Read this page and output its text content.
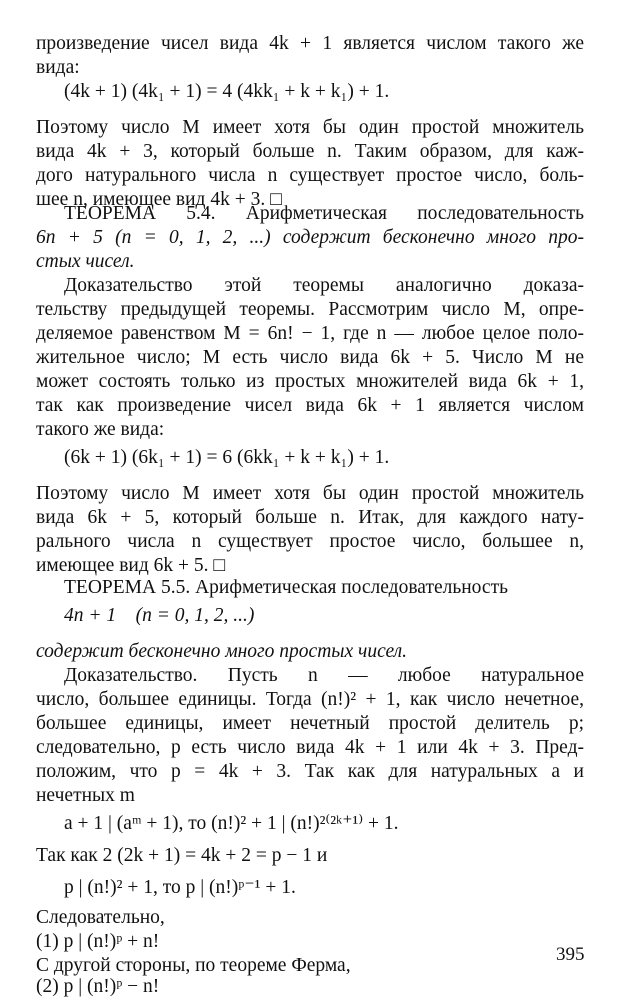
произведение чисел вида 4k + 1 является числом такого же
вида:
(4k + 1) (4k₁ + 1) = 4 (4kk₁ + k + k₁) + 1.
Поэтому число M имеет хотя бы один простой множитель
вида 4k + 3, который больше n. Таким образом, для каж-
дого натурального числа n существует простое число, боль-
шее n, имеющее вид 4k + 3. □
ТЕОРЕМА 5.4. Арифметическая последовательность
6n + 5 (n = 0, 1, 2, ...) содержит бесконечно много про-
стых чисел.
Доказательство этой теоремы аналогично доказа-
тельству предыдущей теоремы. Рассмотрим число M, опре-
деляемое равенством M = 6n! − 1, где n — любое целое поло-
жительное число; M есть число вида 6k + 5. Число M не
может состоять только из простых множителей вида 6k + 1,
так как произведение чисел вида 6k + 1 является числом
такого же вида:
(6k + 1) (6k₁ + 1) = 6 (6kk₁ + k + k₁) + 1.
Поэтому число M имеет хотя бы один простой множитель
вида 6k + 5, который больше n. Итак, для каждого нату-
рального числа n существует простое число, большее n,
имеющее вид 6k + 5. □
ТЕОРЕМА 5.5. Арифметическая последовательность
4n + 1    (n = 0, 1, 2, ...)
содержит бесконечно много простых чисел.
Доказательство. Пусть n — любое натуральное
число, большее единицы. Тогда (n!)² + 1, как число нечетное,
большее единицы, имеет нечетный простой делитель p;
следовательно, p есть число вида 4k + 1 или 4k + 3. Пред-
положим, что p = 4k + 3. Так как для натуральных a и
нечетных m
a + 1 | (aᵐ + 1), то (n!)² + 1 | (n!)²⁽²ᵏ⁺¹⁾ + 1.
Так как 2 (2k + 1) = 4k + 2 = p − 1 и
p | (n!)² + 1, то p | (n!)ᵖ⁻¹ + 1.
Следовательно,
(1) p | (n!)ᵖ + n!
С другой стороны, по теореме Ферма,
(2) p | (n!)ᵖ − n!
395
